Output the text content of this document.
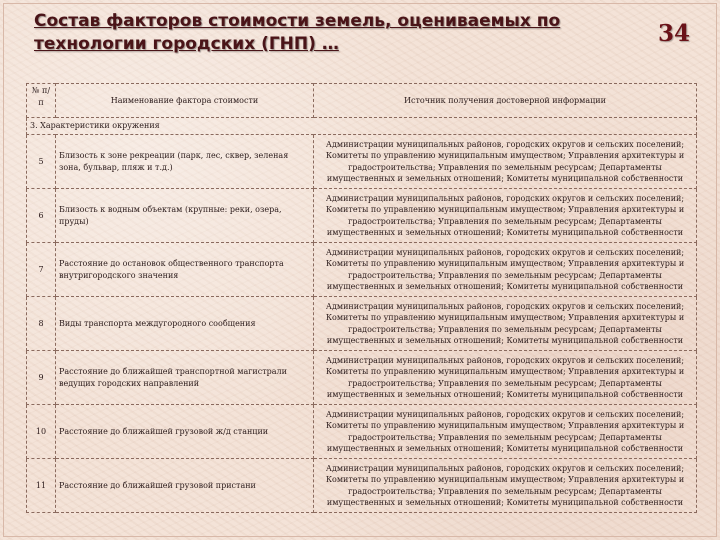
Состав факторов стоимости земель, оцениваемых по технологии городских (ГНП) …	34
№ п/п	Наименование фактора стоимости	Источник получения достоверной информации
3. Характеристики окружения		
5	Близость к зоне рекреации (парк, лес, сквер, зеленая зона, бульвар, пляж и т.д.)	Администрации муниципальных районов, городских округов и сельских поселений; Комитеты по управлению муниципальным имуществом; Управления архитектуры и градостроительства; Управления по земельным ресурсам; Департаменты имущественных и земельных отношений; Комитеты муниципальной собственности
6	Близость к водным объектам (крупные: реки, озера, пруды)	Администрации муниципальных районов, городских округов и сельских поселений; Комитеты по управлению муниципальным имуществом; Управления архитектуры и градостроительства; Управления по земельным ресурсам; Департаменты имущественных и земельных отношений; Комитеты муниципальной собственности
7	Расстояние до остановок общественного транспорта внутригородского значения	Администрации муниципальных районов, городских округов и сельских поселений; Комитеты по управлению муниципальным имуществом; Управления архитектуры и градостроительства; Управления по земельным ресурсам; Департаменты имущественных и земельных отношений; Комитеты муниципальной собственности
8	Виды транспорта междугородного сообщения	Администрации муниципальных районов, городских округов и сельских поселений; Комитеты по управлению муниципальным имуществом; Управления архитектуры и градостроительства; Управления по земельным ресурсам; Департаменты имущественных и земельных отношений; Комитеты муниципальной собственности
9	Расстояние до ближайшей транспортной магистрали ведущих городских направлений	Администрации муниципальных районов, городских округов и сельских поселений; Комитеты по управлению муниципальным имуществом; Управления архитектуры и градостроительства; Управления по земельным ресурсам; Департаменты имущественных и земельных отношений; Комитеты муниципальной собственности
10	Расстояние до ближайшей грузовой ж/д станции	Администрации муниципальных районов, городских округов и сельских поселений; Комитеты по управлению муниципальным имуществом; Управления архитектуры и градостроительства; Управления по земельным ресурсам; Департаменты имущественных и земельных отношений; Комитеты муниципальной собственности
11	Расстояние до ближайшей грузовой пристани	Администрации муниципальных районов, городских округов и сельских поселений; Комитеты по управлению муниципальным имуществом; Управления архитектуры и градостроительства; Управления по земельным ресурсам; Департаменты имущественных и земельных отношений; Комитеты муниципальной собственности
